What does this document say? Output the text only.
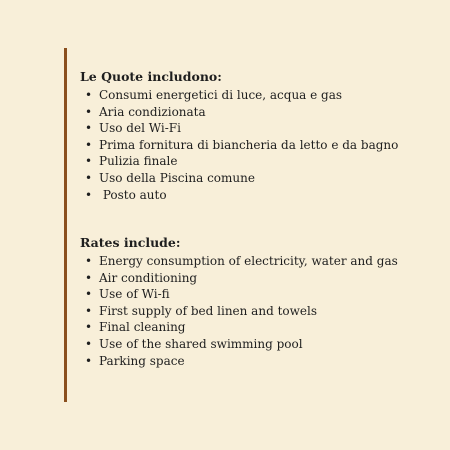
Le Quote includono:
• Consumi energetici di luce, acqua e gas
• Aria condizionata
• Uso del Wi-Fi
• Prima fornitura di biancheria da letto e da bagno
• Pulizia finale
• Uso della Piscina comune
• Posto auto
Rates include:
• Energy consumption of electricity, water and gas
• Air conditioning
• Use of Wi-fi
• First supply of bed linen and towels
• Final cleaning
• Use of the shared swimming pool
• Parking space
